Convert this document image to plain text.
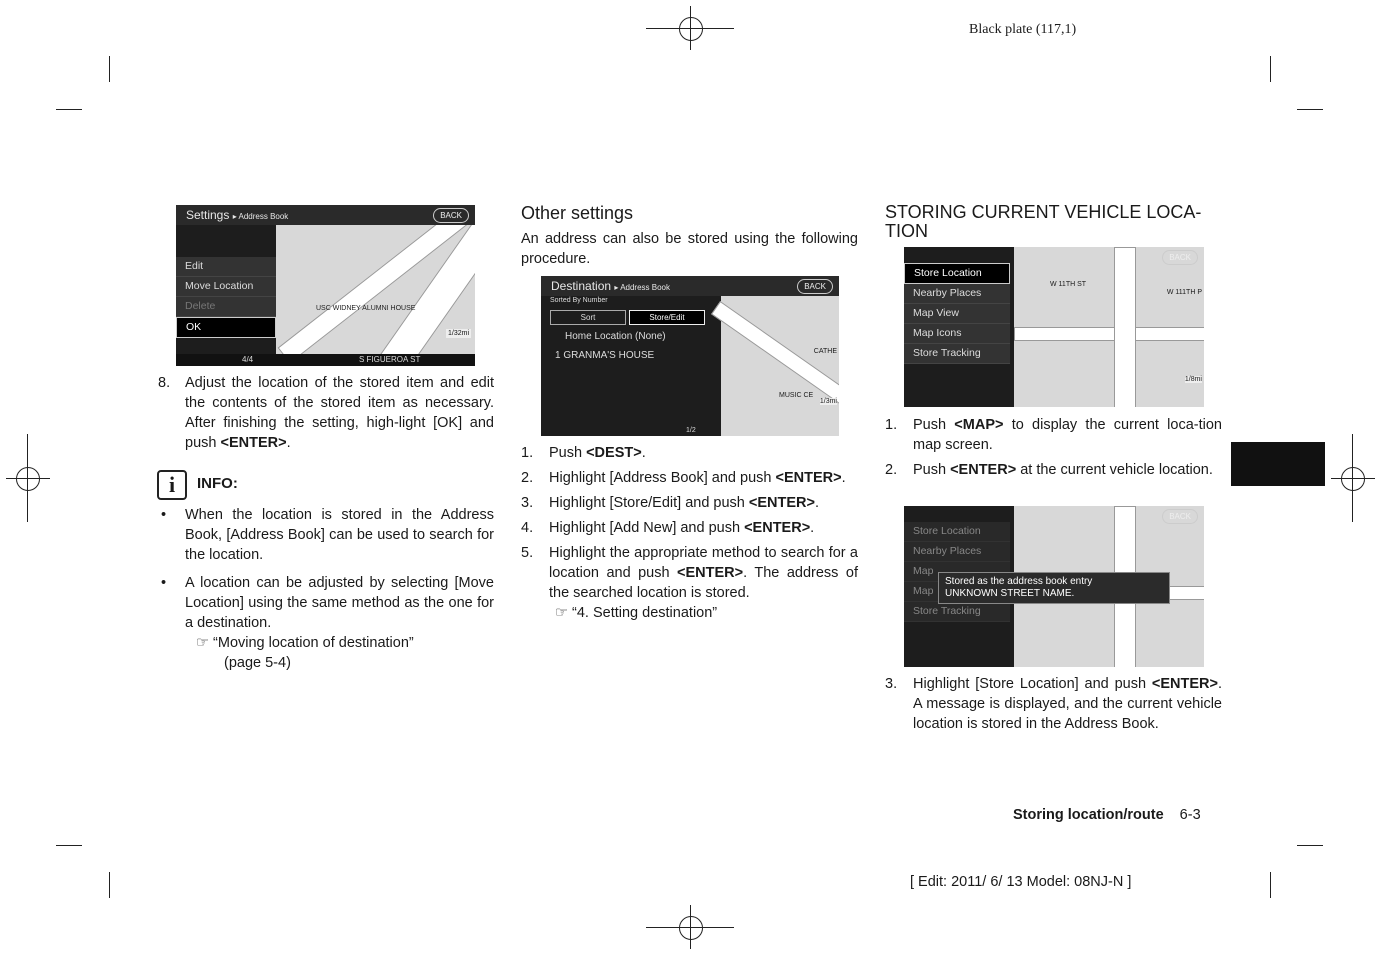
Black plate (117,1)
USC WIDNEY ALUMNI HOUSE
Settings ▸ Address Book	BACK
Edit
Move Location
Delete
OK
4/4	S FIGUEROA ST
1/32mi
8.	Adjust the location of the stored item and edit the contents of the stored item as necessary. After finishing the setting, high-light [OK] and push <ENTER>.
i	INFO:
• When the location is stored in the Address Book, [Address Book] can be used to search for the location.
• A location can be adjusted by selecting [Move Location] using the same method as the one for a destination.
☞ “Moving location of destination”
(page 5-4)
Other settings
An address can also be stored using the following procedure.
CATHE
MUSIC CE
1/3mi
Destination ▸ Address Book	BACK
Sorted By Number
Sort	Store/Edit
Home Location (None)
1 GRANMA'S HOUSE
1/2
1. Push <DEST>.
2. Highlight [Address Book] and push <ENTER>.
3. Highlight [Store/Edit] and push <ENTER>.
4. Highlight [Add New] and push <ENTER>.
5. Highlight the appropriate method to search for a location and push <ENTER>. The address of the searched location is stored.
☞ “4. Setting destination”
STORING CURRENT VEHICLE LOCA-TION
W 11TH ST
W 111TH P
1/8mi
BACK
Store Location
Nearby Places
Map View
Map Icons
Store Tracking
1. Push <MAP> to display the current loca-tion map screen.
2. Push <ENTER> at the current vehicle location.
BACK
Store Location
Nearby Places
Map
Map
Store Tracking
Stored as the address book entry
UNKNOWN STREET NAME.
3.	Highlight [Store Location] and push <ENTER>. A message is displayed, and the current vehicle location is stored in the Address Book.
Storing location/route 6-3
[ Edit: 2011/ 6/ 13 Model: 08NJ-N ]
